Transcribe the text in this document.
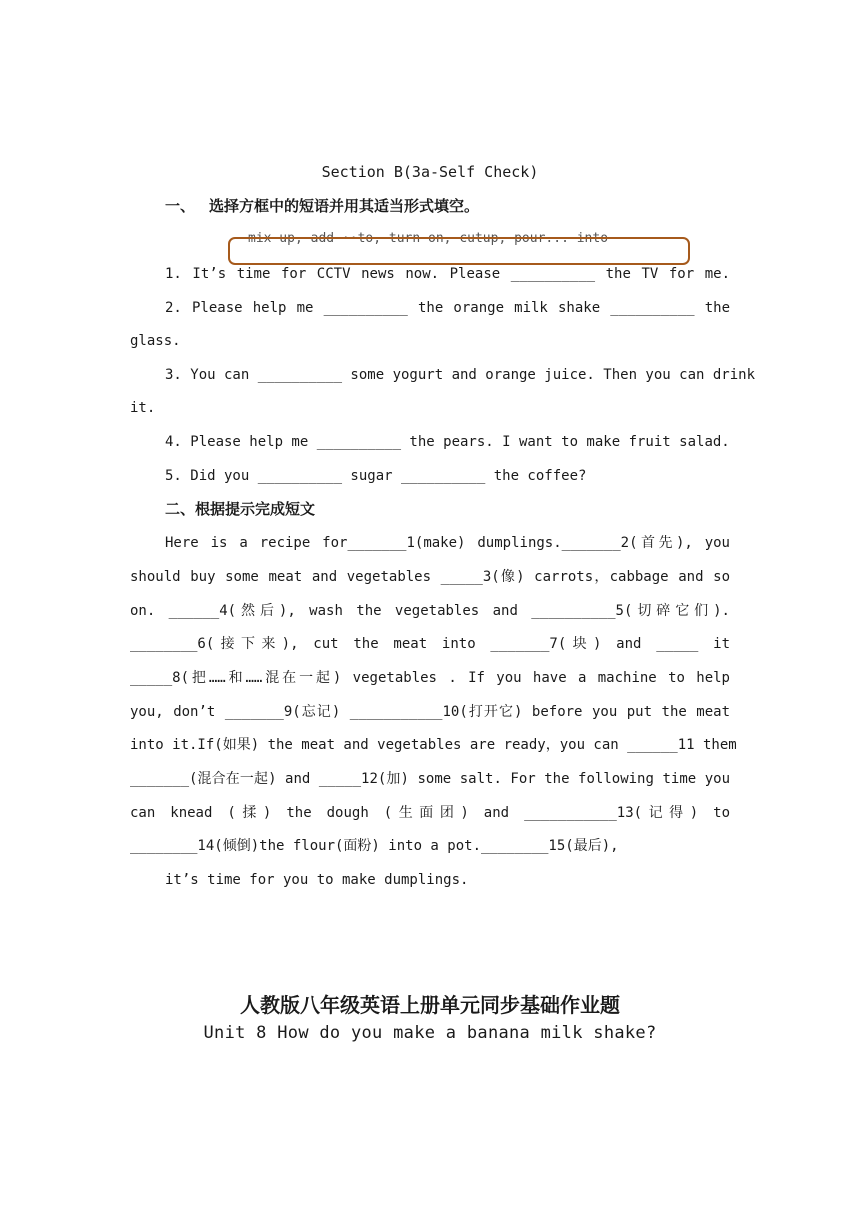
Section B(3a-Self Check)
一、 选择方框中的短语并用其适当形式填空。
mix up, add ··to, turn on, cutup, pour... into
1. It’s time for CCTV news now. Please __________ the TV for me.
2. Please help me __________ the orange milk shake __________ the
glass.
3. You can __________ some yogurt and orange juice. Then you can drink
it.
4. Please help me __________ the pears. I want to make fruit salad.
5. Did you __________ sugar __________ the coffee?
二、根据提示完成短文
Here is a recipe for_______1(make) dumplings._______2(首先), you
should buy some meat and vegetables _____3(像) carrots，cabbage and so
on. ______4(然后), wash the vegetables and __________5(切碎它们).
________6(接下来), cut the meat into _______7(块) and _____ it
_____8(把……和……混在一起) vegetables . If you have a machine to help
you, don’t _______9(忘记) ___________10(打开它) before you put the meat
into it.If(如果) the meat and vegetables are ready，you can ______11 them
_______(混合在一起) and _____12(加) some salt. For the following time you
can knead (揉) the dough (生面团) and ___________13(记得) to
________14(倾倒)the flour(面粉) into a pot.________15(最后),
it’s time for you to make dumplings.
人教版八年级英语上册单元同步基础作业题
Unit 8 How do you make a banana milk shake?
